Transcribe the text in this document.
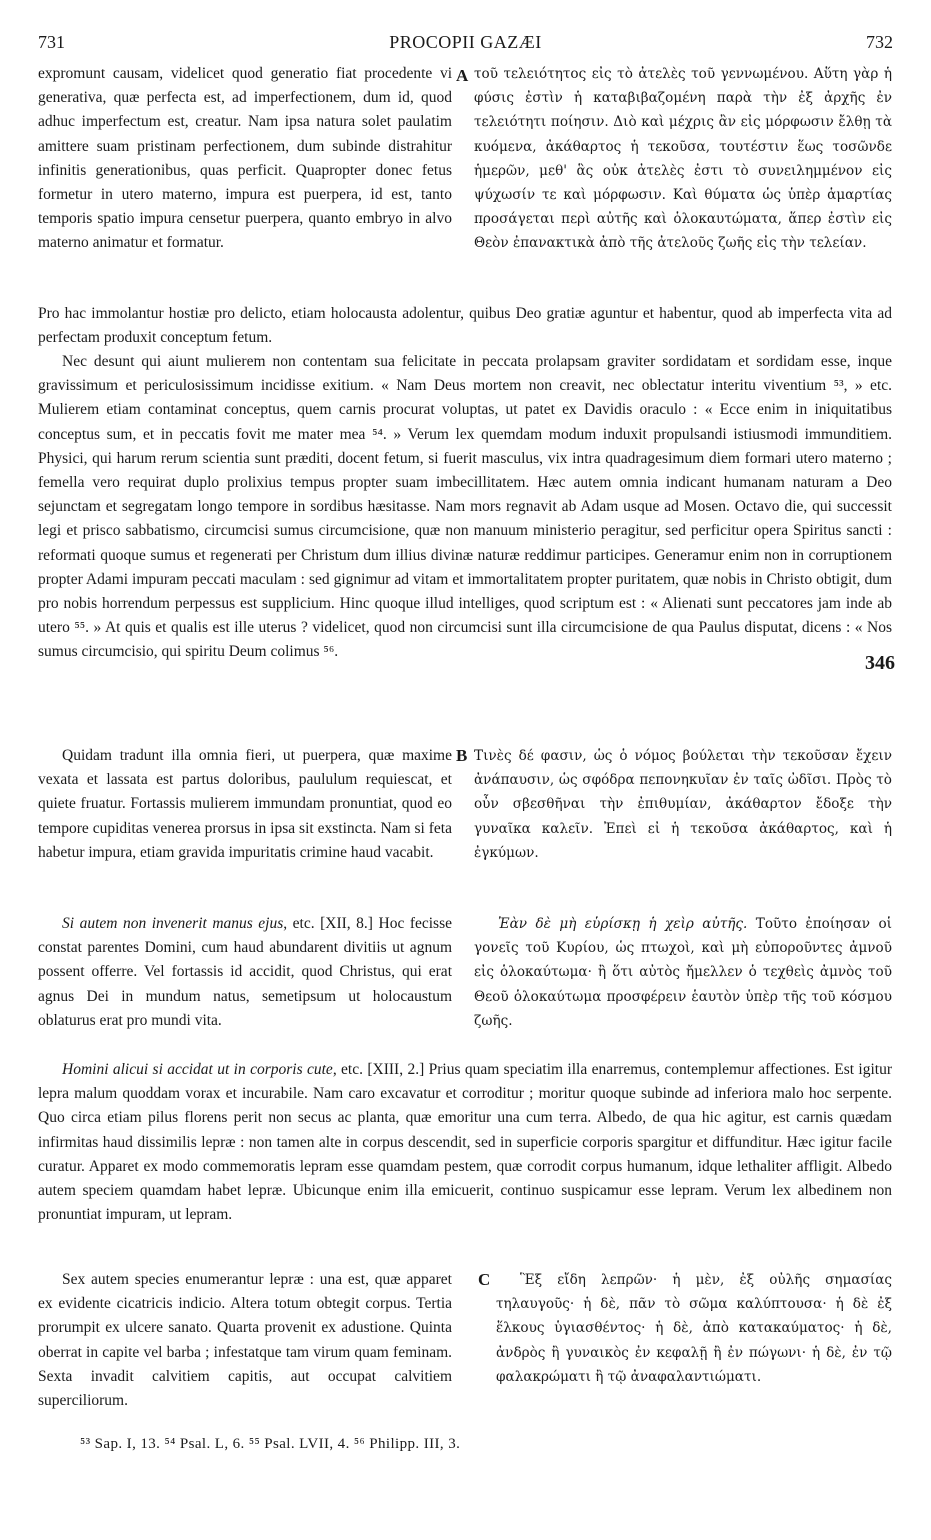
731	PROCOPII GAZÆI	732

expromunt causam, videlicet quod generatio fiat procedente vi generativa, quæ perfecta est, ad imperfectionem, dum id, quod adhuc imperfectum est, creatur. Nam ipsa natura solet paulatim amittere suam pristinam perfectionem, dum subinde distrahitur infinitis generationibus, quas perficit. Quapropter donec fetus formetur in utero materno, impura est puerpera, id est, tanto temporis spatio impura censetur puerpera, quanto embryo in alvo materno animatur et formatur.

A τοῦ τελειότητος εἰς τὸ ἀτελὲς τοῦ γεννωμένου. Αὕτη γὰρ ἡ φύσις ἐστὶν ἡ καταβιβαζομένη παρὰ τὴν ἐξ ἀρχῆς ἐν τελειότητι ποίησιν. Διὸ καὶ μέχρις ἂν εἰς μόρφωσιν ἔλθῃ τὰ κυόμενα, ἀκάθαρτος ἡ τεκοῦσα, τουτέστιν ἕως τοσῶνδε ἡμερῶν, μεθ' ἃς οὐκ ἀτελὲς ἐστι τὸ συνειλημμένον εἰς ψύχωσίν τε καὶ μόρφωσιν. Καὶ θύματα ὡς ὑπὲρ ἁμαρτίας προσάγεται περὶ αὐτῆς καὶ ὁλοκαυτώματα, ἅπερ ἐστὶν εἰς Θεὸν ἐπανακτικὰ ἀπὸ τῆς ἀτελοῦς ζωῆς εἰς τὴν τελείαν.

Pro hac immolantur hostiæ pro delicto, etiam holocausta adolentur, quibus Deo gratiæ aguntur et habentur, quod ab imperfecta vita ad perfectam produxit conceptum fetum.

Nec desunt qui aiunt mulierem non contentam sua felicitate in peccata prolapsam graviter sordidatam et sordidam esse, inque gravissimum et periculosissimum incidisse exitium. « Nam Deus mortem non creavit, nec oblectatur interitu viventium ⁵³, » etc. Mulierem etiam contaminat conceptus, quem carnis procurat voluptas, ut patet ex Davidis oraculo : « Ecce enim in iniquitatibus conceptus sum, et in peccatis fovit me mater mea ⁵⁴. » Verum lex quemdam modum induxit propulsandi istiusmodi immunditiem. Physici, qui harum rerum scientia sunt præditi, docent fetum, si fuerit masculus, vix intra quadragesimum diem formari utero materno ; femella vero requirat duplo prolixius tempus propter suam imbecillitatem. Hæc autem omnia indicant humanam naturam a Deo sejunctam et segregatam longo tempore in sordibus hæsitasse. Nam mors regnavit ab Adam usque ad Mosen. Octavo die, qui successit legi et prisco sabbatismo, circumcisi sumus circumcisione, quæ non manuum ministerio peragitur, sed perficitur opera Spiritus sancti : reformati quoque sumus et regenerati per Christum dum illius divinæ naturæ reddimur participes. Generamur enim non in corruptionem propter Adami impuram peccati maculam : sed gignimur ad vitam et immortalitatem propter puritatem, quæ nobis in Christo obtigit, dum pro nobis horrendum perpessus est supplicium. Hinc quoque illud intelliges, quod scriptum est : « Alienati sunt peccatores jam inde ab utero ⁵⁵. » At quis et qualis est ille uterus ? videlicet, quod non circumcisi sunt illa circumcisione de qua Paulus disputat, dicens : « Nos sumus circumcisio, qui spiritu Deum colimus ⁵⁶.

346

Quidam tradunt illa omnia fieri, ut puerpera, quæ maxime vexata et lassata est partus doloribus, paululum requiescat, et quiete fruatur. Fortassis mulierem immundam pronuntiat, quod eo tempore cupiditas venerea prorsus in ipsa sit exstincta. Nam si feta habetur impura, etiam gravida impuritatis crimine haud vacabit.

B Τινὲς δέ φασιν, ὡς ὁ νόμος βούλεται τὴν τεκοῦσαν ἔχειν ἀνάπαυσιν, ὡς σφόδρα πεπονηκυῖαν ἐν ταῖς ὠδῖσι. Πρὸς τὸ οὖν σβεσθῆναι τὴν ἐπιθυμίαν, ἀκάθαρτον ἔδοξε τὴν γυναῖκα καλεῖν. Ἐπεὶ εἰ ἡ τεκοῦσα ἀκάθαρτος, καὶ ἡ ἐγκύμων.

Si autem non invenerit manus ejus, etc. [XII, 8.] Hoc fecisse constat parentes Domini, cum haud abundarent divitiis ut agnum possent offerre. Vel fortassis id accidit, quod Christus, qui erat agnus Dei in mundum natus, semetipsum ut holocaustum oblaturus erat pro mundi vita.

Ἐὰν δὲ μὴ εὑρίσκῃ ἡ χεὶρ αὐτῆς. Τοῦτο ἐποίησαν οἱ γονεῖς τοῦ Κυρίου, ὡς πτωχοὶ, καὶ μὴ εὐποροῦντες ἀμνοῦ εἰς ὁλοκαύτωμα· ἢ ὅτι αὐτὸς ἤμελλεν ὁ τεχθεὶς ἀμνὸς τοῦ Θεοῦ ὁλοκαύτωμα προσφέρειν ἑαυτὸν ὑπὲρ τῆς τοῦ κόσμου ζωῆς.

Homini alicui si accidat ut in corporis cute, etc. [XIII, 2.] Prius quam speciatim illa enarremus, contemplemur affectiones. Est igitur lepra malum quoddam vorax et incurabile. Nam caro excavatur et corroditur ; moritur quoque subinde ad inferiora malo hoc serpente. Quo circa etiam pilus florens perit non secus ac planta, quæ emoritur una cum terra. Albedo, de qua hic agitur, est carnis quædam infirmitas haud dissimilis lepræ : non tamen alte in corpus descendit, sed in superficie corporis spargitur et diffunditur. Hæc igitur facile curatur. Apparet ex modo commemoratis lepram esse quamdam pestem, quæ corrodit corpus humanum, idque lethaliter affligit. Albedo autem speciem quamdam habet lepræ. Ubicunque enim illa emicuerit, continuo suspicamur esse lepram. Verum lex albedinem non pronuntiat impuram, ut lepram.

Sex autem species enumerantur lepræ : una est, quæ apparet ex evidente cicatricis indicio. Altera totum obtegit corpus. Tertia prorumpit ex ulcere sanato. Quarta provenit ex adustione. Quinta oberrat in capite vel barba ; infestatque tam virum quam feminam. Sexta invadit calvitiem capitis, aut occupat calvitiem superciliorum.

C	Ἓξ εἴδη λεπρῶν· ἡ μὲν, ἐξ οὐλῆς σημασίας τηλαυγοῦς· ἡ δὲ, πᾶν τὸ σῶμα καλύπτουσα· ἡ δὲ ἐξ ἕλκους ὑγιασθέντος· ἡ δὲ, ἀπὸ κατακαύματος· ἡ δὲ, ἀνδρὸς ἢ γυναικὸς ἐν κεφαλῇ ἢ ἐν πώγωνι· ἡ δὲ, ἐν τῷ φαλακρώματι ἢ τῷ ἀναφαλαντιώματι.

⁵³ Sap. I, 13. ⁵⁴ Psal. L, 6. ⁵⁵ Psal. LVII, 4. ⁵⁶ Philipp. III, 3.
